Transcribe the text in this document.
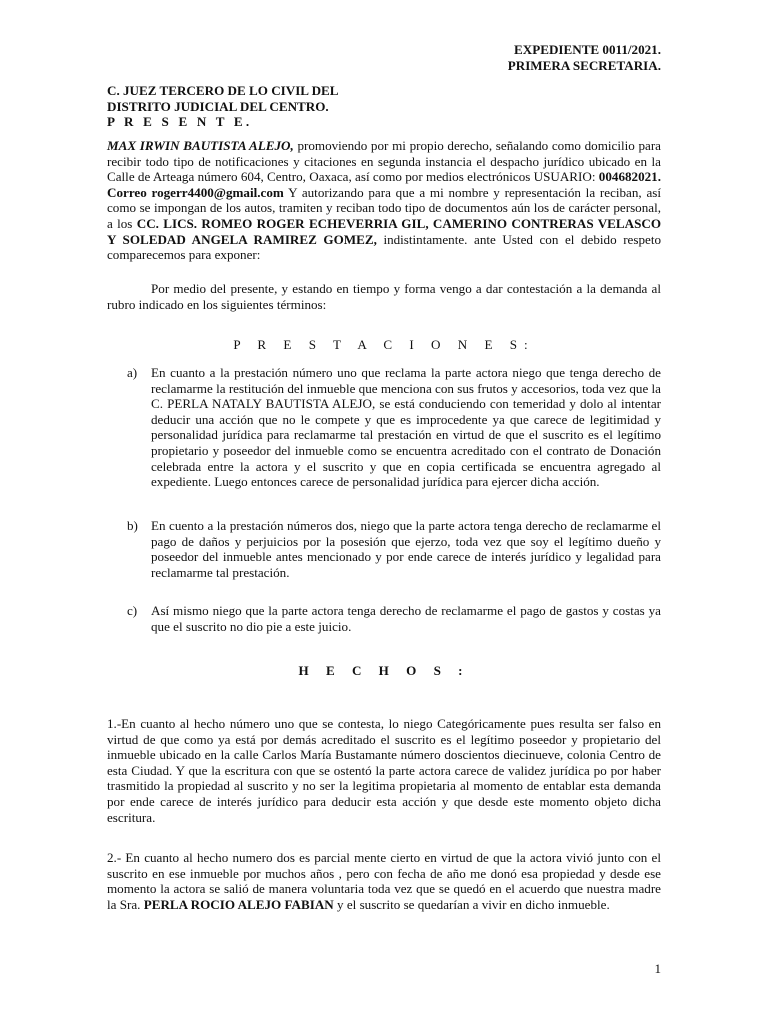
EXPEDIENTE 0011/2021.
PRIMERA SECRETARIA.
C. JUEZ TERCERO DE LO CIVIL DEL
DISTRITO JUDICIAL DEL CENTRO.
P R E S E N T E.

MAX IRWIN BAUTISTA ALEJO, promoviendo por mi propio derecho, señalando como domicilio para recibir todo tipo de notificaciones y citaciones en segunda instancia el despacho jurídico ubicado en la Calle de Arteaga número 604, Centro, Oaxaca, así como por medios electrónicos USUARIO: 004682021. Correo rogerr4400@gmail.com Y autorizando para que a mi nombre y representación la reciban, así como se impongan de los autos, tramiten y reciban todo tipo de documentos aún los de carácter personal, a los CC. LICS. ROMEO ROGER ECHEVERRIA GIL, CAMERINO CONTRERAS VELASCO Y SOLEDAD ANGELA RAMIREZ GOMEZ, indistintamente. ante Usted con el debido respeto comparecemos para exponer:

Por medio del presente, y estando en tiempo y forma vengo a dar contestación a la demanda al rubro indicado en los siguientes términos:

P R E S T A C I O N E S:
a)	En cuanto a la prestación número uno que reclama la parte actora niego que tenga derecho de reclamarme la restitución del inmueble que menciona con sus frutos y accesorios, toda vez que la C. PERLA NATALY BAUTISTA ALEJO, se está conduciendo con temeridad y dolo al intentar deducir una acción que no le compete y que es improcedente ya que carece de legitimidad y personalidad jurídica para reclamarme tal prestación en virtud de que el suscrito es el legítimo propietario y poseedor del inmueble como se encuentra acreditado con el contrato de Donación celebrada entre la actora y el suscrito y que en copia certificada se encuentra agregado al expediente. Luego entonces carece de personalidad jurídica para ejercer dicha acción.
b) En cuento a la prestación números dos, niego que la parte actora tenga derecho de reclamarme el pago de daños y perjuicios por la posesión que ejerzo, toda vez que soy el legítimo dueño y poseedor del inmueble antes mencionado y por ende carece de interés jurídico y legalidad para reclamarme tal prestación.
c)	Así mismo niego que la parte actora tenga derecho de reclamarme el pago de gastos y costas ya que el suscrito no dio pie a este juicio.
H E C H O S :

1.-En cuanto al hecho número uno que se contesta, lo niego Categóricamente pues resulta ser falso en virtud de que como ya está por demás acreditado el suscrito es el legítimo poseedor y propietario del inmueble ubicado en la calle Carlos María Bustamante número doscientos diecinueve, colonia Centro de esta Ciudad. Y que la escritura con que se ostentó la parte actora carece de validez jurídica po por haber trasmitido la propiedad al suscrito y no ser la legitima propietaria al momento de entablar esta demanda por ende carece de interés jurídico para deducir esta acción y que desde este momento objeto dicha escritura.

2.- En cuanto al hecho numero dos es parcial mente cierto en virtud de que la actora vivió junto con el suscrito en ese inmueble por muchos años , pero con fecha de año me donó esa propiedad y desde ese momento la actora se salió de manera voluntaria toda vez que se quedó en el acuerdo que nuestra madre la Sra. PERLA ROCIO ALEJO FABIAN y el suscrito se quedarían a vivir en dicho inmueble.

1
